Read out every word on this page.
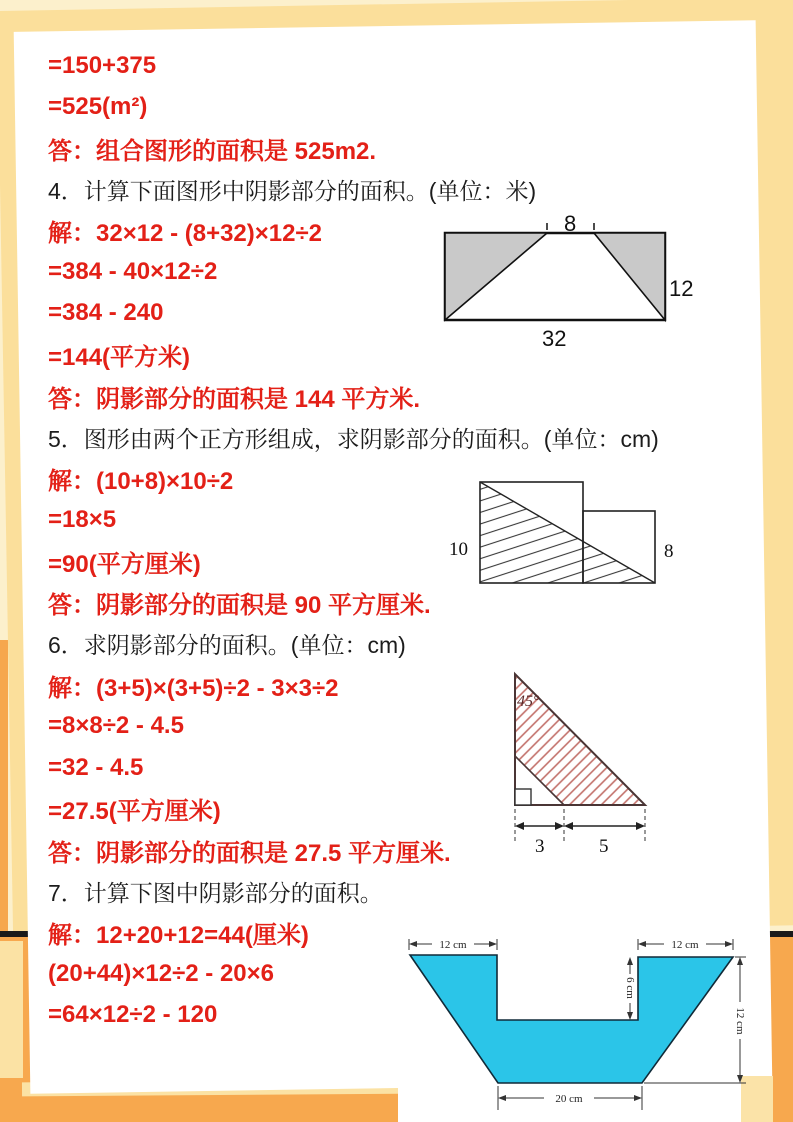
=150+375
=525(m²)
答：组合图形的面积是 525m2.
4．计算下面图形中阴影部分的面积。(单位：米)
解：32×12 - (8+32)×12÷2
=384 - 40×12÷2
=384 - 240
=144(平方米)
答：阴影部分的面积是 144 平方米.
5．图形由两个正方形组成，求阴影部分的面积。(单位：cm)
解：(10+8)×10÷2
=18×5
=90(平方厘米)
答：阴影部分的面积是 90 平方厘米.
6．求阴影部分的面积。(单位：cm)
解：(3+5)×(3+5)÷2 - 3×3÷2
=8×8÷2 - 4.5
=32 - 4.5
=27.5(平方厘米)
答：阴影部分的面积是 27.5 平方厘米.
7．计算下图中阴影部分的面积。
解：12+20+12=44(厘米)
(20+44)×12÷2 - 20×6
=64×12÷2 - 120
8
12
32
10	8
45°
3	5
12 cm	12 cm
6 cm
12 cm
20 cm
